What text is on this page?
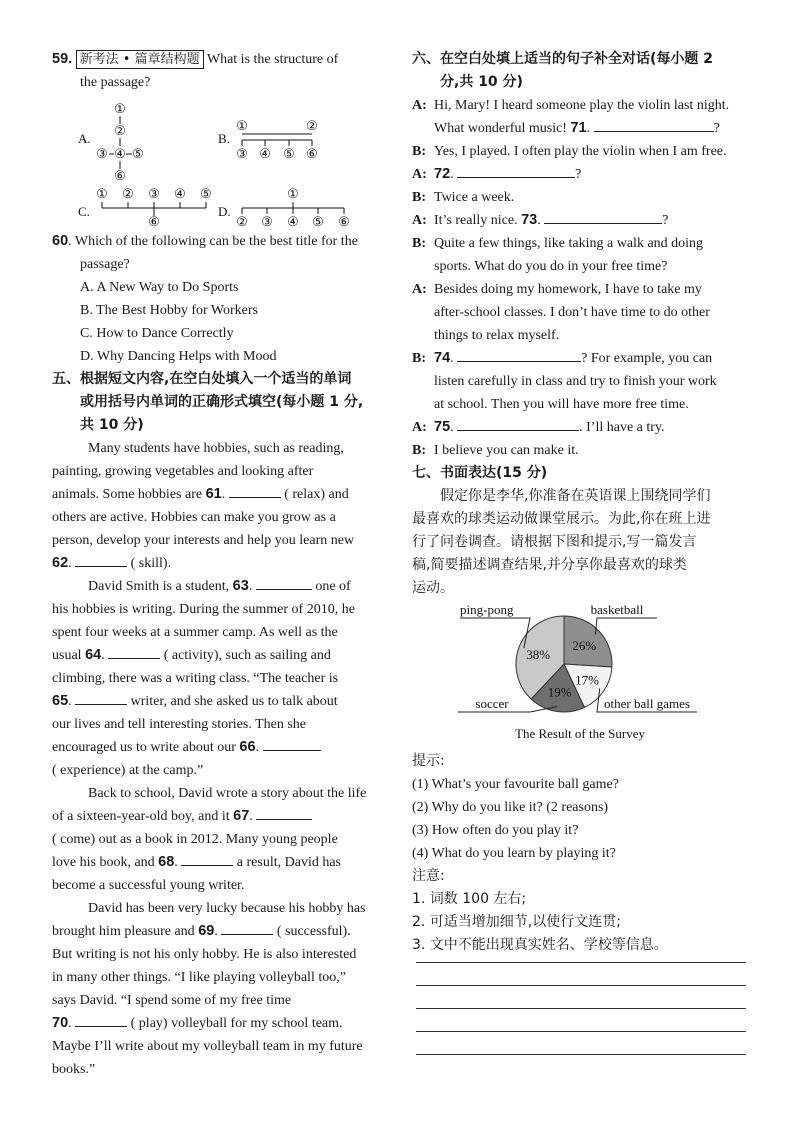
59. 新考法 • 篇章结构题 What is the structure of
the passage?
A.
①
②
③ ④ ⑤
⑥
B.
①	②
③ ④ ⑤ ⑥
C.
① ② ③ ④ ⑤
⑥
D.
①
② ③ ④ ⑤ ⑥
60. Which of the following can be the best title for the
passage?
A. A New Way to Do Sports
B. The Best Hobby for Workers
C. How to Dance Correctly
D. Why Dancing Helps with Mood
五、根据短文内容,在空白处填入一个适当的单词
或用括号内单词的正确形式填空(每小题 1 分,
共 10 分)
Many students have hobbies, such as reading,
painting, growing vegetables and looking after
animals. Some hobbies are 61.	( relax) and
others are active. Hobbies can make you grow as a
person, develop your interests and help you learn new
62.	( skill).
David Smith is a student, 63.	one of
his hobbies is writing. During the summer of 2010, he
spent four weeks at a summer camp. As well as the
usual 64.	( activity), such as sailing and
climbing, there was a writing class. “The teacher is
65.	writer, and she asked us to talk about
our lives and tell interesting stories. Then she
encouraged us to write about our 66.
( experience) at the camp.”
Back to school, David wrote a story about the life
of a sixteen-year-old boy, and it 67.
( come) out as a book in 2012. Many young people
love his book, and 68.	a result, David has
become a successful young writer.
David has been very lucky because his hobby has
brought him pleasure and 69.	( successful).
But writing is not his only hobby. He is also interested
in many other things. “I like playing volleyball too,”
says David. “I spend some of my free time
70.	( play) volleyball for my school team.
Maybe I’ll write about my volleyball team in my future
books.”
六、在空白处填上适当的句子补全对话(每小题 2
分,共 10 分)
A: Hi, Mary! I heard someone play the violin last night.
What wonderful music! 71.	?
B: Yes, I played. I often play the violin when I am free.
A: 72.	?
B: Twice a week.
A: It’s really nice. 73.	?
B: Quite a few things, like taking a walk and doing
sports. What do you do in your free time?
A: Besides doing my homework, I have to take my
after-school classes. I don’t have time to do other
things to relax myself.
B: 74.	? For example, you can
listen carefully in class and try to finish your work
at school. Then you will have more free time.
A: 75.	. I’ll have a try.
B: I believe you can make it.
七、书面表达(15 分)
假定你是李华,你准备在英语课上围绕同学们
最喜欢的球类运动做课堂展示。为此,你在班上进
行了问卷调查。请根据下图和提示,写一篇发言
稿,简要描述调查结果,并分享你最喜欢的球类
运动。
26%
17%
19%
38%
ping-pong	basketball
other ball games
soccer
The Result of the Survey
提示:
(1) What’s your favourite ball game?
(2) Why do you like it? (2 reasons)
(3) How often do you play it?
(4) What do you learn by playing it?
注意:
1. 词数 100 左右;
2. 可适当增加细节,以使行文连贯;
3. 文中不能出现真实姓名、学校等信息。
